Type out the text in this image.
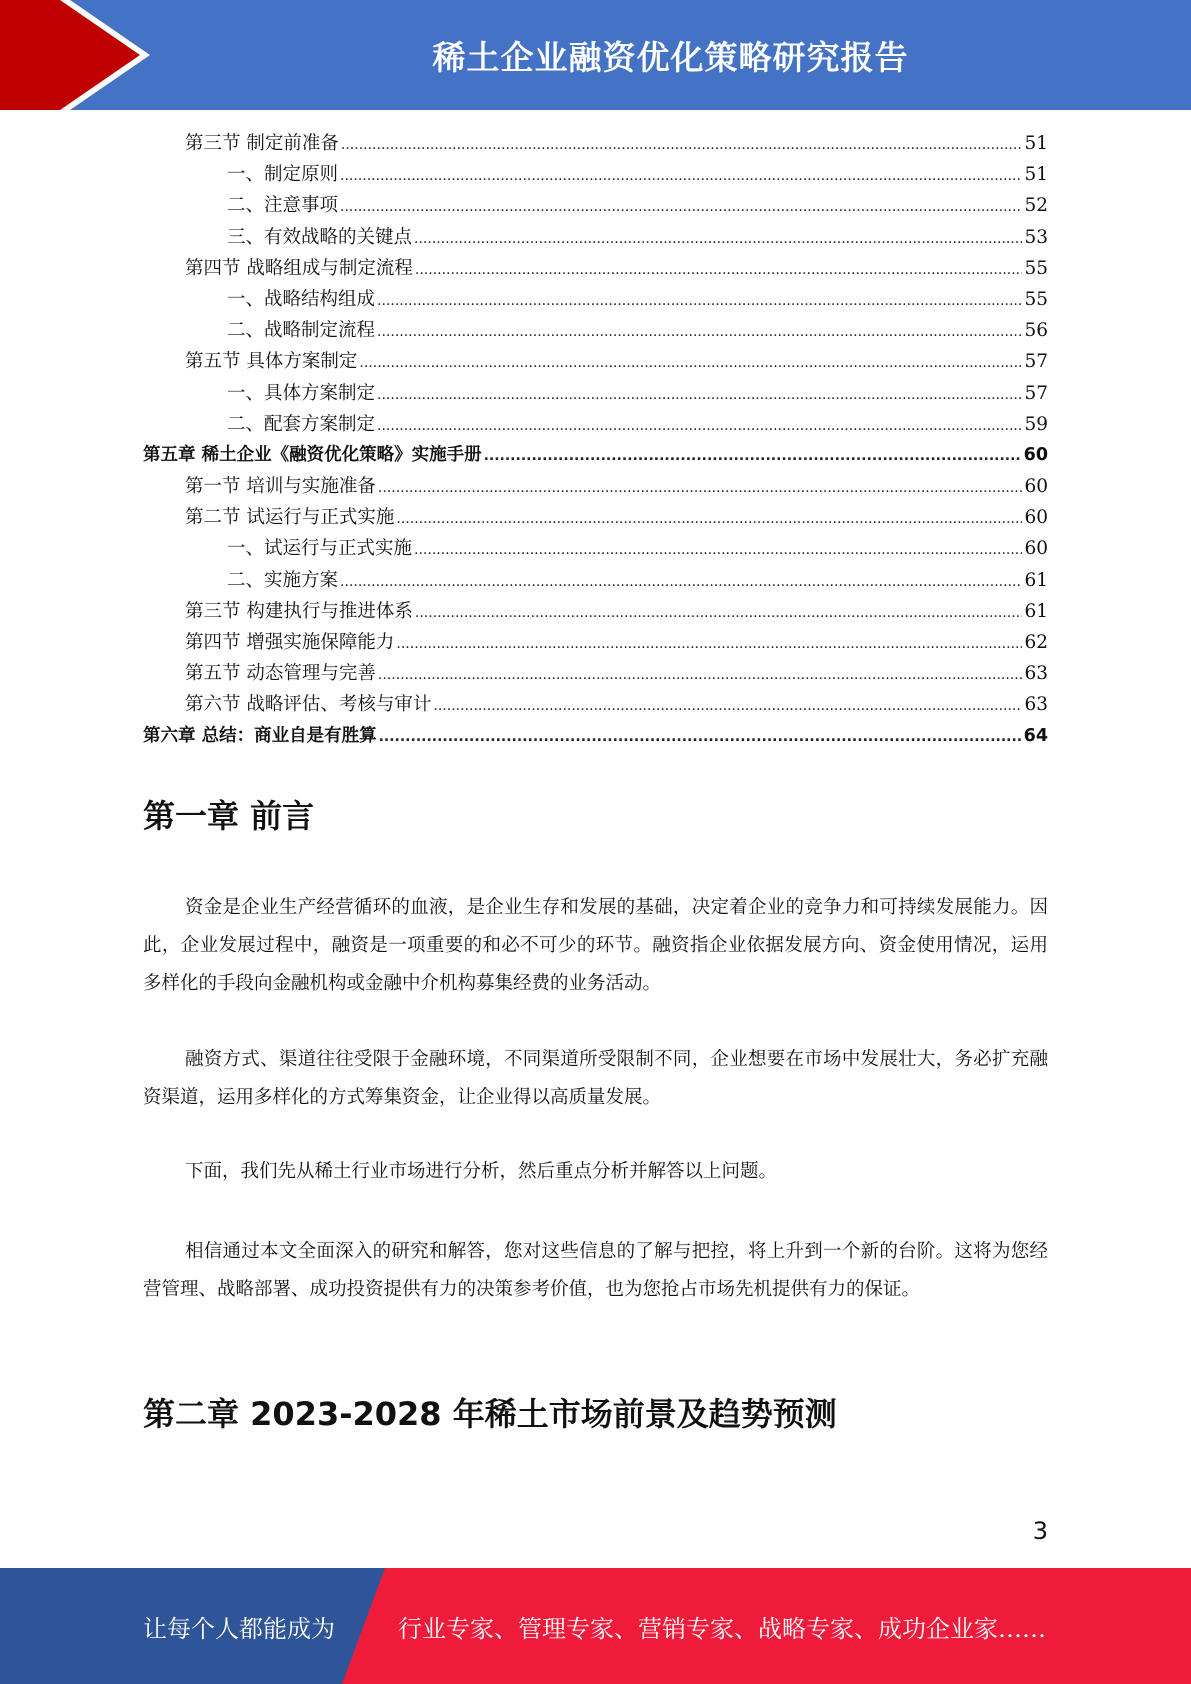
稀土企业融资优化策略研究报告
第三节 制定前准备 .....	51
一、制定原则 .....	51
二、注意事项 .....	52
三、有效战略的关键点 .....	53
第四节 战略组成与制定流程 .....	55
一、战略结构组成 .....	55
二、战略制定流程 .....	56
第五节 具体方案制定 .....	57
一、具体方案制定 .....	57
二、配套方案制定 .....	59
第五章 稀土企业《融资优化策略》实施手册 .....	60
第一节 培训与实施准备 .....	60
第二节 试运行与正式实施 .....	60
一、试运行与正式实施 .....	60
二、实施方案 .....	61
第三节 构建执行与推进体系 .....	61
第四节 增强实施保障能力 .....	62
第五节 动态管理与完善 .....	63
第六节 战略评估、考核与审计 .....	63
第六章 总结：商业自是有胜算 .....	64
第一章 前言

资金是企业生产经营循环的血液，是企业生存和发展的基础，决定着企业的竞争力和可持续发展能力。因此，企业发展过程中，融资是一项重要的和必不可少的环节。融资指企业依据发展方向、资金使用情况，运用多样化的手段向金融机构或金融中介机构募集经费的业务活动。

融资方式、渠道往往受限于金融环境，不同渠道所受限制不同，企业想要在市场中发展壮大，务必扩充融资渠道，运用多样化的方式筹集资金，让企业得以高质量发展。

下面，我们先从稀土行业市场进行分析，然后重点分析并解答以上问题。

相信通过本文全面深入的研究和解答，您对这些信息的了解与把控，将上升到一个新的台阶。这将为您经营管理、战略部署、成功投资提供有力的决策参考价值，也为您抢占市场先机提供有力的保证。

第二章 2023-2028 年稀土市场前景及趋势预测
3
让每个人都能成为	行业专家、管理专家、营销专家、战略专家、成功企业家……
